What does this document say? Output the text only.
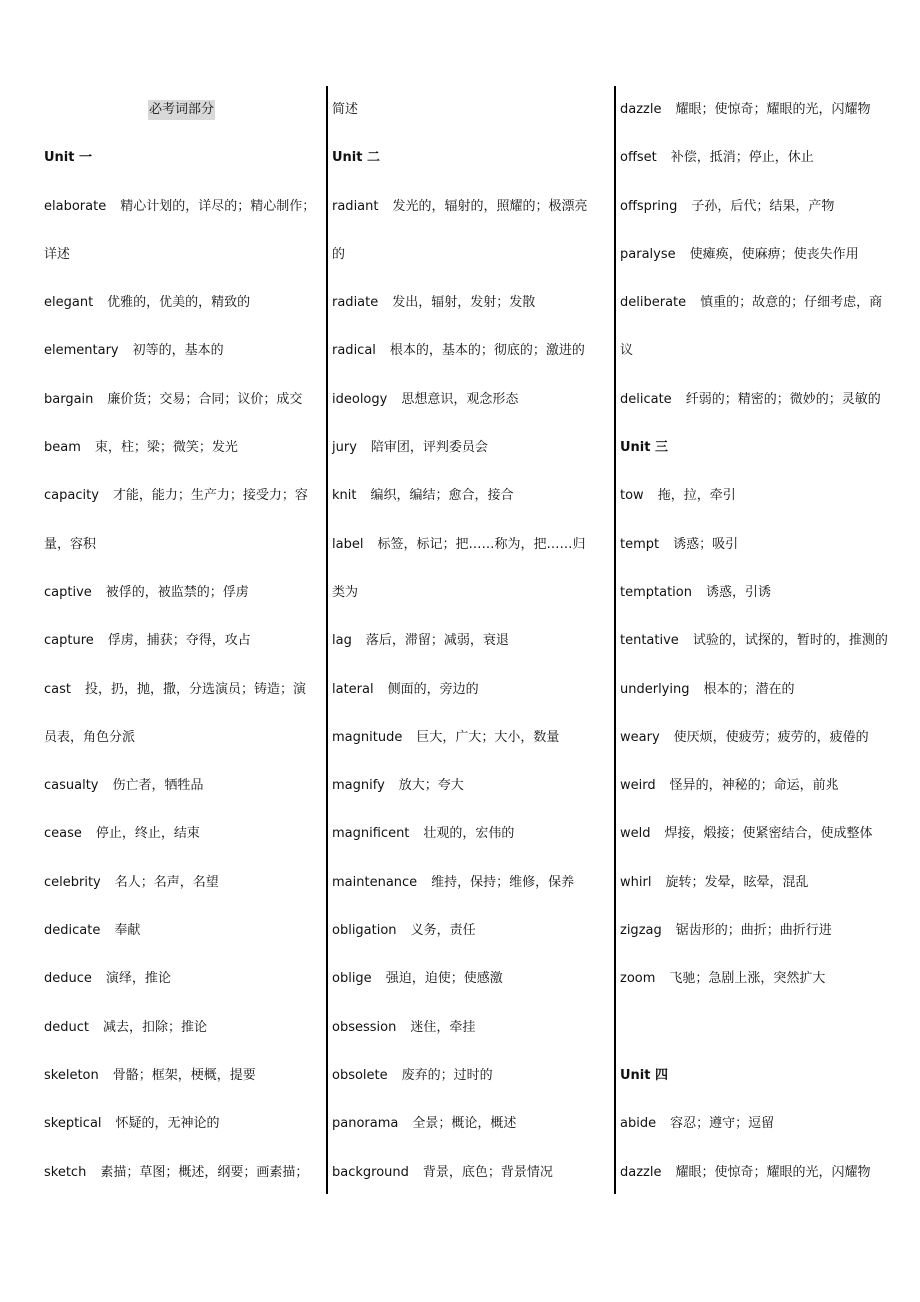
必考词部分
Unit 一
elaborate 精心计划的，详尽的；精心制作；
详述
elegant 优雅的，优美的，精致的
elementary 初等的，基本的
bargain 廉价货；交易；合同；议价；成交
beam 束，柱；梁；微笑；发光
capacity 才能，能力；生产力；接受力；容
量，容积
captive 被俘的，被监禁的；俘虏
capture 俘虏，捕获；夺得，攻占
cast 投，扔，抛，撒，分选演员；铸造；演
员表，角色分派
casualty 伤亡者，牺牲品
cease 停止，终止，结束
celebrity 名人；名声，名望
dedicate 奉献
deduce 演绎，推论
deduct 减去，扣除；推论
skeleton 骨骼；框架，梗概，提要
skeptical 怀疑的，无神论的
sketch 素描；草图；概述，纲要；画素描；
简述
Unit 二
radiant 发光的，辐射的，照耀的；极漂亮
的
radiate 发出，辐射，发射；发散
radical 根本的，基本的；彻底的；激进的
ideology 思想意识，观念形态
jury 陪审团，评判委员会
knit 编织，编结；愈合，接合
label 标签，标记；把……称为，把……归
类为
lag 落后，滞留；减弱，衰退
lateral 侧面的，旁边的
magnitude 巨大，广大；大小，数量
magnify 放大；夸大
magnificent 壮观的，宏伟的
maintenance 维持，保持；维修，保养
obligation 义务，责任
oblige 强迫，迫使；使感激
obsession 迷住，牵挂
obsolete 废弃的；过时的
panorama 全景；概论，概述
background 背景，底色；背景情况
dazzle 耀眼；使惊奇；耀眼的光，闪耀物
offset 补偿，抵消；停止，休止
offspring 子孙，后代；结果，产物
paralyse 使瘫痪，使麻痹；使丧失作用
deliberate 慎重的；故意的；仔细考虑，商
议
delicate 纤弱的；精密的；微妙的；灵敏的
Unit 三
tow 拖，拉，牵引
tempt 诱惑；吸引
temptation 诱惑，引诱
tentative 试验的，试探的，暂时的，推测的
underlying 根本的；潜在的
weary 使厌烦，使疲劳；疲劳的，疲倦的
weird 怪异的，神秘的；命运，前兆
weld 焊接，煅接；使紧密结合，使成整体
whirl 旋转；发晕，眩晕，混乱
zigzag 锯齿形的；曲折；曲折行进
zoom 飞驰；急剧上涨，突然扩大
Unit 四
abide 容忍；遵守；逗留
dazzle 耀眼；使惊奇；耀眼的光，闪耀物
